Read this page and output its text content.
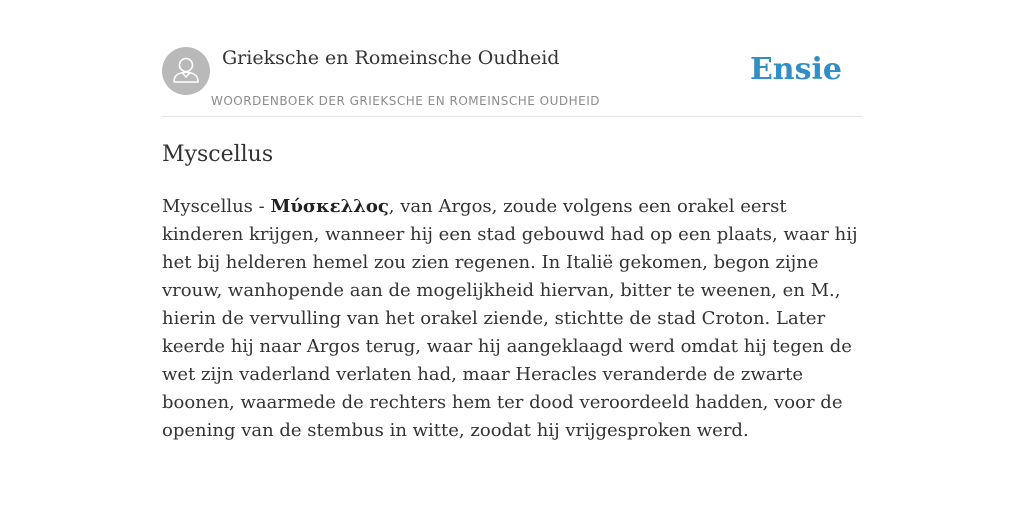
Grieksche en Romeinsche Oudheid
WOORDENBOEK DER GRIEKSCHE EN ROMEINSCHE OUDHEID
Ensie
Myscellus

Myscellus - Μύσκελλος, van Argos, zoude volgens een orakel eerst kinderen krijgen, wanneer hij een stad gebouwd had op een plaats, waar hij het bij helderen hemel zou zien regenen. In Italië gekomen, begon zijne vrouw, wanhopende aan de mogelijkheid hiervan, bitter te weenen, en M., hierin de vervulling van het orakel ziende, stichtte de stad Croton. Later keerde hij naar Argos terug, waar hij aangeklaagd werd omdat hij tegen de wet zijn vaderland verlaten had, maar Heracles veranderde de zwarte boonen, waarmede de rechters hem ter dood veroordeeld hadden, voor de opening van de stembus in witte, zoodat hij vrijgesproken werd.
